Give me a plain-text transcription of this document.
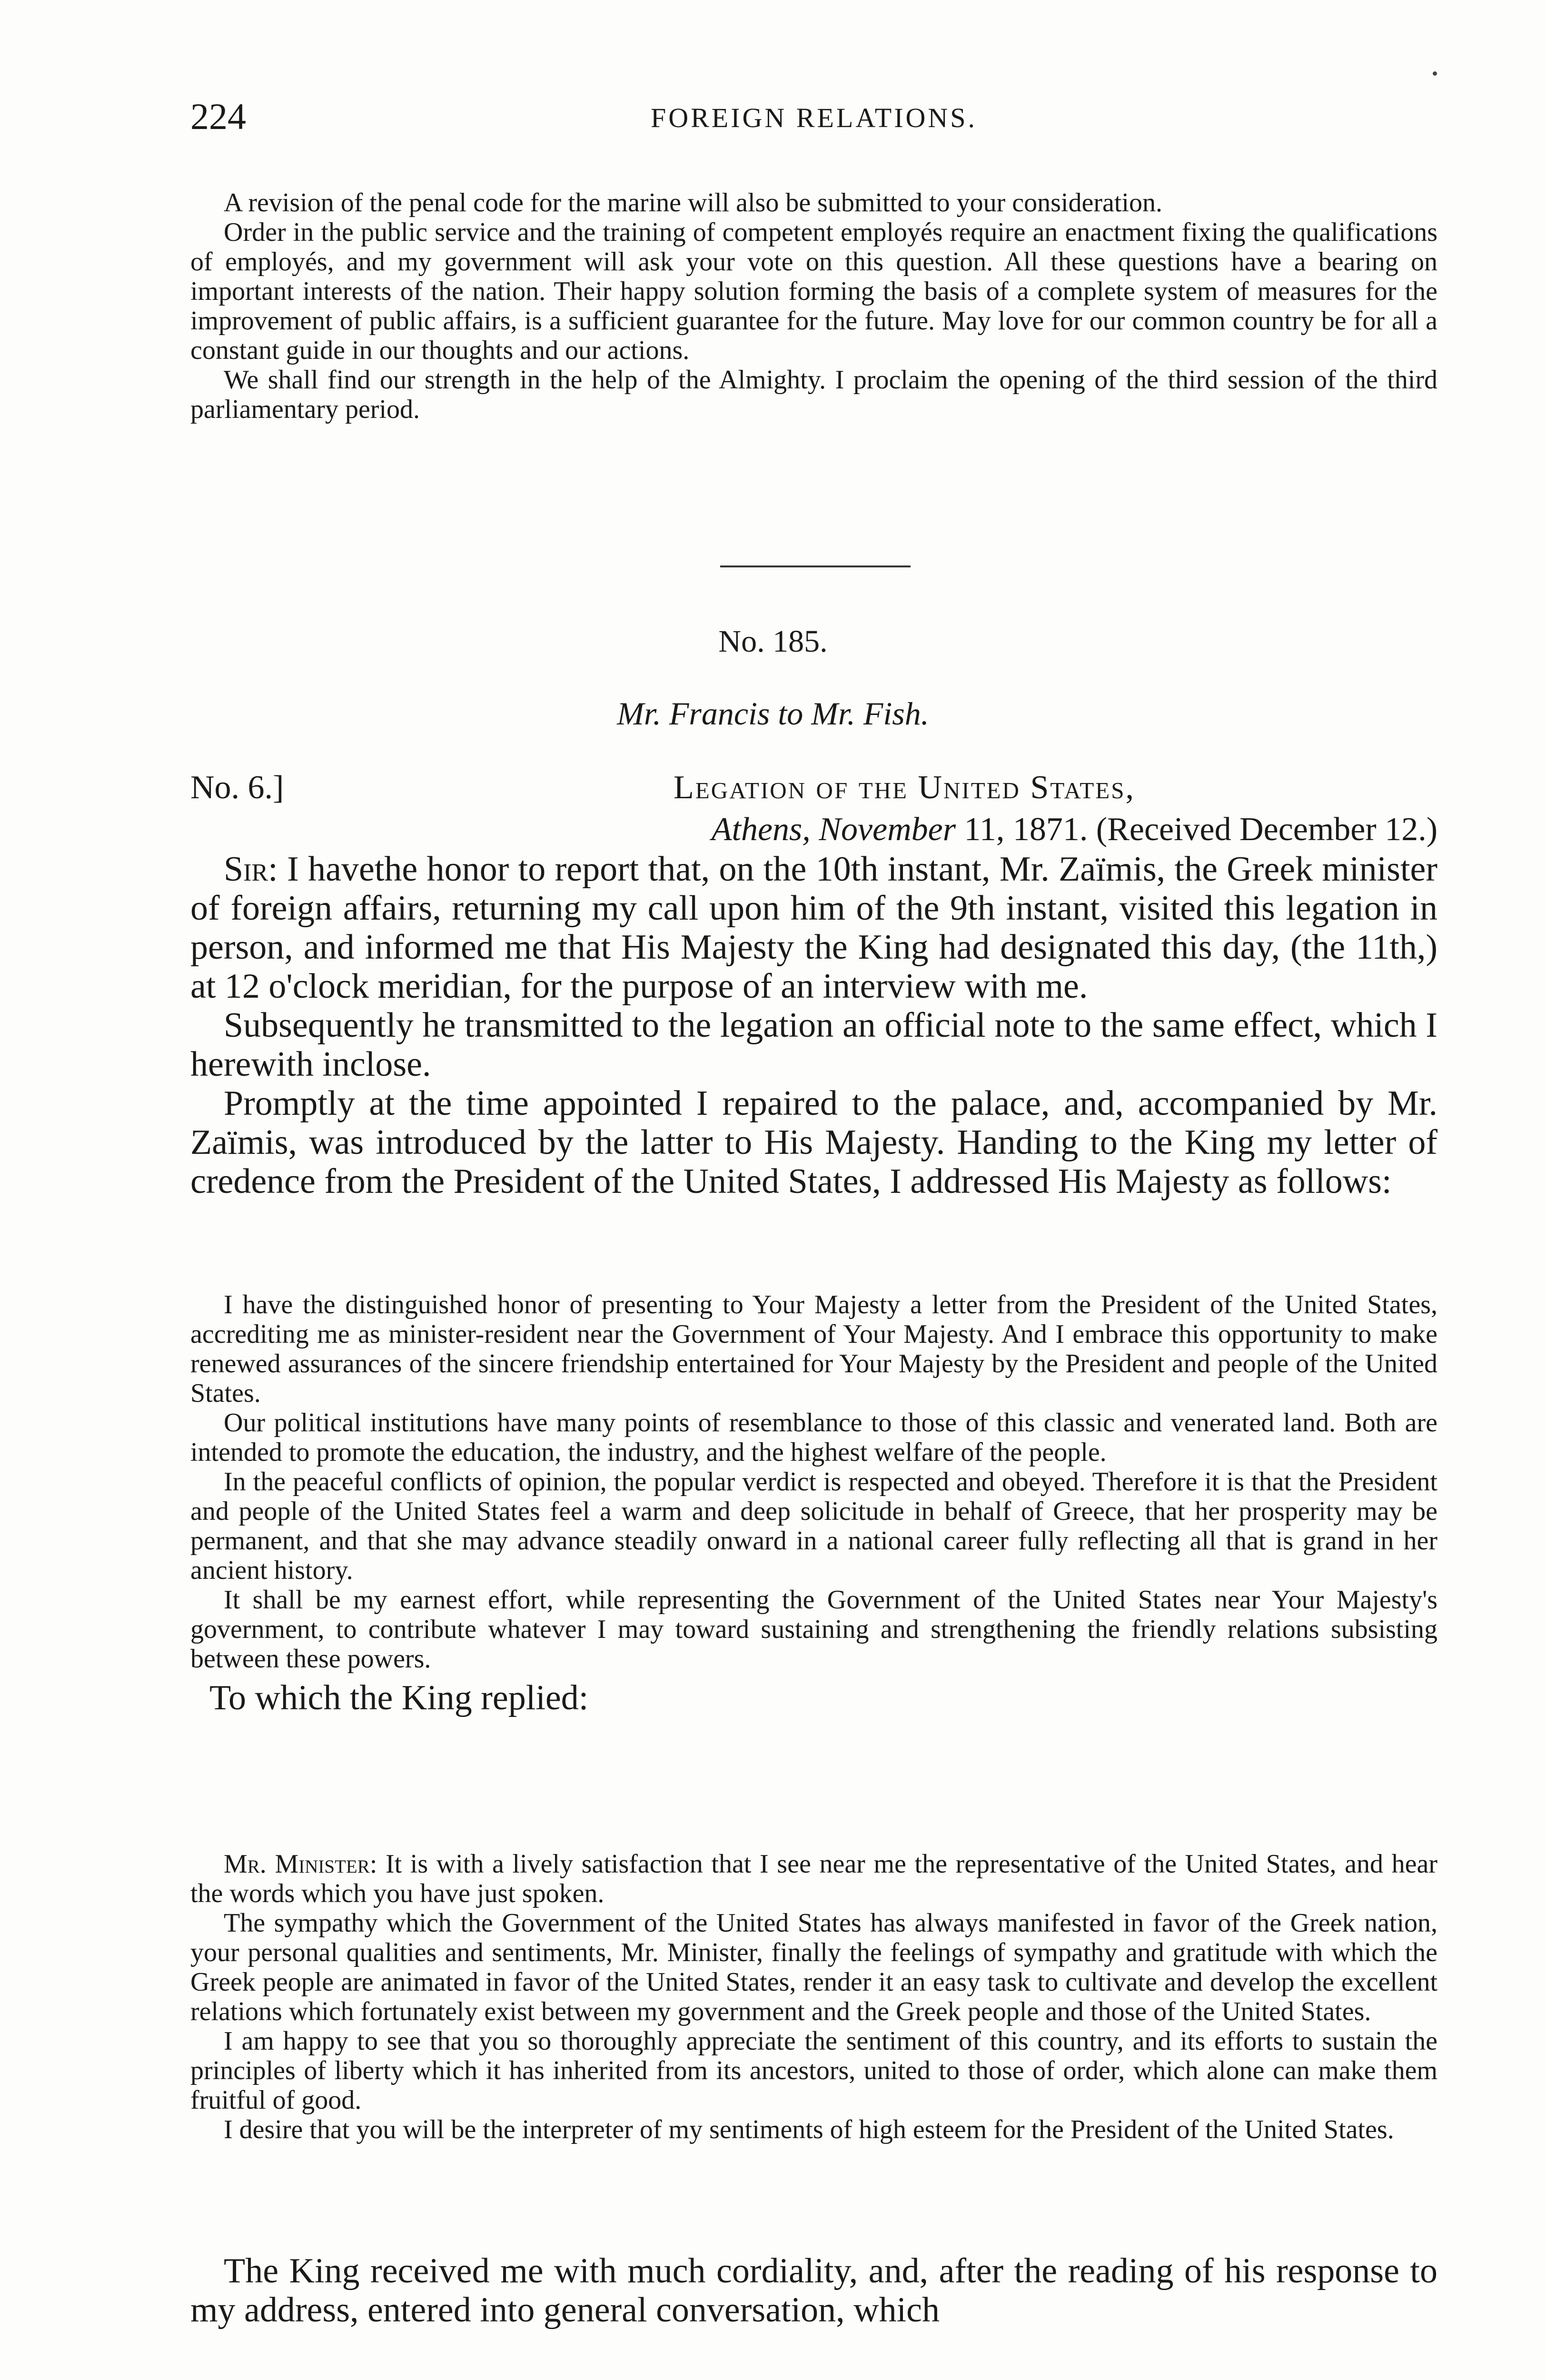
224	FOREIGN RELATIONS.

A revision of the penal code for the marine will also be submitted to your consideration.

Order in the public service and the training of competent employés require an enactment fixing the qualifications of employés, and my government will ask your vote on this question. All these questions have a bearing on important interests of the nation. Their happy solution forming the basis of a complete system of measures for the improvement of public affairs, is a sufficient guarantee for the future. May love for our common country be for all a constant guide in our thoughts and our actions.

We shall find our strength in the help of the Almighty. I proclaim the opening of the third session of the third parliamentary period.

No. 185.
Mr. Francis to Mr. Fish.
No. 6.]	Legation of the United States,
Athens, November 11, 1871. (Received December 12.)

Sir: I havethe honor to report that, on the 10th instant, Mr. Zaïmis, the Greek minister of foreign affairs, returning my call upon him of the 9th instant, visited this legation in person, and informed me that His Majesty the King had designated this day, (the 11th,) at 12 o'clock meridian, for the purpose of an interview with me.

Subsequently he transmitted to the legation an official note to the same effect, which I herewith inclose.

Promptly at the time appointed I repaired to the palace, and, accompanied by Mr. Zaïmis, was introduced by the latter to His Majesty. Handing to the King my letter of credence from the President of the United States, I addressed His Majesty as follows:

I have the distinguished honor of presenting to Your Majesty a letter from the President of the United States, accrediting me as minister-resident near the Government of Your Majesty. And I embrace this opportunity to make renewed assurances of the sincere friendship entertained for Your Majesty by the President and people of the United States.

Our political institutions have many points of resemblance to those of this classic and venerated land. Both are intended to promote the education, the industry, and the highest welfare of the people.

In the peaceful conflicts of opinion, the popular verdict is respected and obeyed. Therefore it is that the President and people of the United States feel a warm and deep solicitude in behalf of Greece, that her prosperity may be permanent, and that she may advance steadily onward in a national career fully reflecting all that is grand in her ancient history.

It shall be my earnest effort, while representing the Government of the United States near Your Majesty's government, to contribute whatever I may toward sustaining and strengthening the friendly relations subsisting between these powers.

To which the King replied:

Mr. Minister: It is with a lively satisfaction that I see near me the representative of the United States, and hear the words which you have just spoken.

The sympathy which the Government of the United States has always manifested in favor of the Greek nation, your personal qualities and sentiments, Mr. Minister, finally the feelings of sympathy and gratitude with which the Greek people are animated in favor of the United States, render it an easy task to cultivate and develop the excellent relations which fortunately exist between my government and the Greek people and those of the United States.

I am happy to see that you so thoroughly appreciate the sentiment of this country, and its efforts to sustain the principles of liberty which it has inherited from its ancestors, united to those of order, which alone can make them fruitful of good.

I desire that you will be the interpreter of my sentiments of high esteem for the President of the United States.

The King received me with much cordiality, and, after the reading of his response to my address, entered into general conversation, which
